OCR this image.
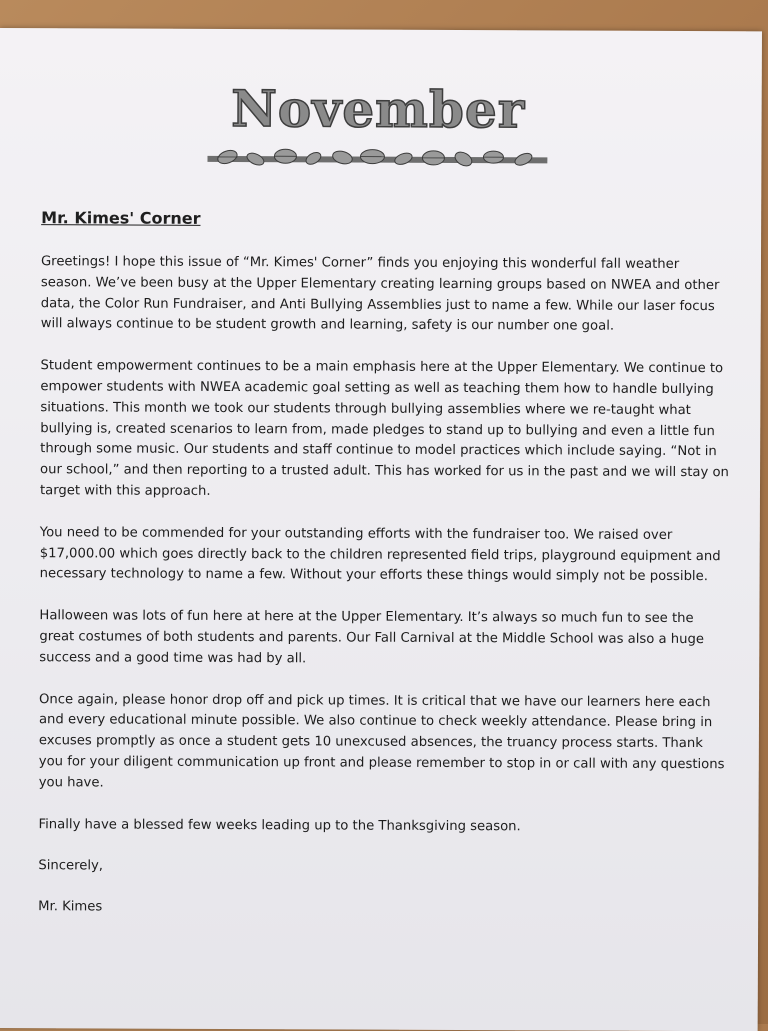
November
Mr. Kimes' Corner

Greetings! I hope this issue of “Mr. Kimes' Corner” finds you enjoying this wonderful fall weather season. We’ve been busy at the Upper Elementary creating learning groups based on NWEA and other data, the Color Run Fundraiser, and Anti Bullying Assemblies just to name a few. While our laser focus will always continue to be student growth and learning, safety is our number one goal.

Student empowerment continues to be a main emphasis here at the Upper Elementary. We continue to empower students with NWEA academic goal setting as well as teaching them how to handle bullying situations. This month we took our students through bullying assemblies where we re-taught what bullying is, created scenarios to learn from, made pledges to stand up to bullying and even a little fun through some music. Our students and staff continue to model practices which include saying. “Not in our school,” and then reporting to a trusted adult. This has worked for us in the past and we will stay on target with this approach.

You need to be commended for your outstanding efforts with the fundraiser too. We raised over $17,000.00 which goes directly back to the children represented field trips, playground equipment and necessary technology to name a few. Without your efforts these things would simply not be possible.

Halloween was lots of fun here at here at the Upper Elementary. It’s always so much fun to see the great costumes of both students and parents. Our Fall Carnival at the Middle School was also a huge success and a good time was had by all.

Once again, please honor drop off and pick up times. It is critical that we have our learners here each and every educational minute possible. We also continue to check weekly attendance. Please bring in excuses promptly as once a student gets 10 unexcused absences, the truancy process starts. Thank you for your diligent communication up front and please remember to stop in or call with any questions you have.

Finally have a blessed few weeks leading up to the Thanksgiving season.

Sincerely,

Mr. Kimes
